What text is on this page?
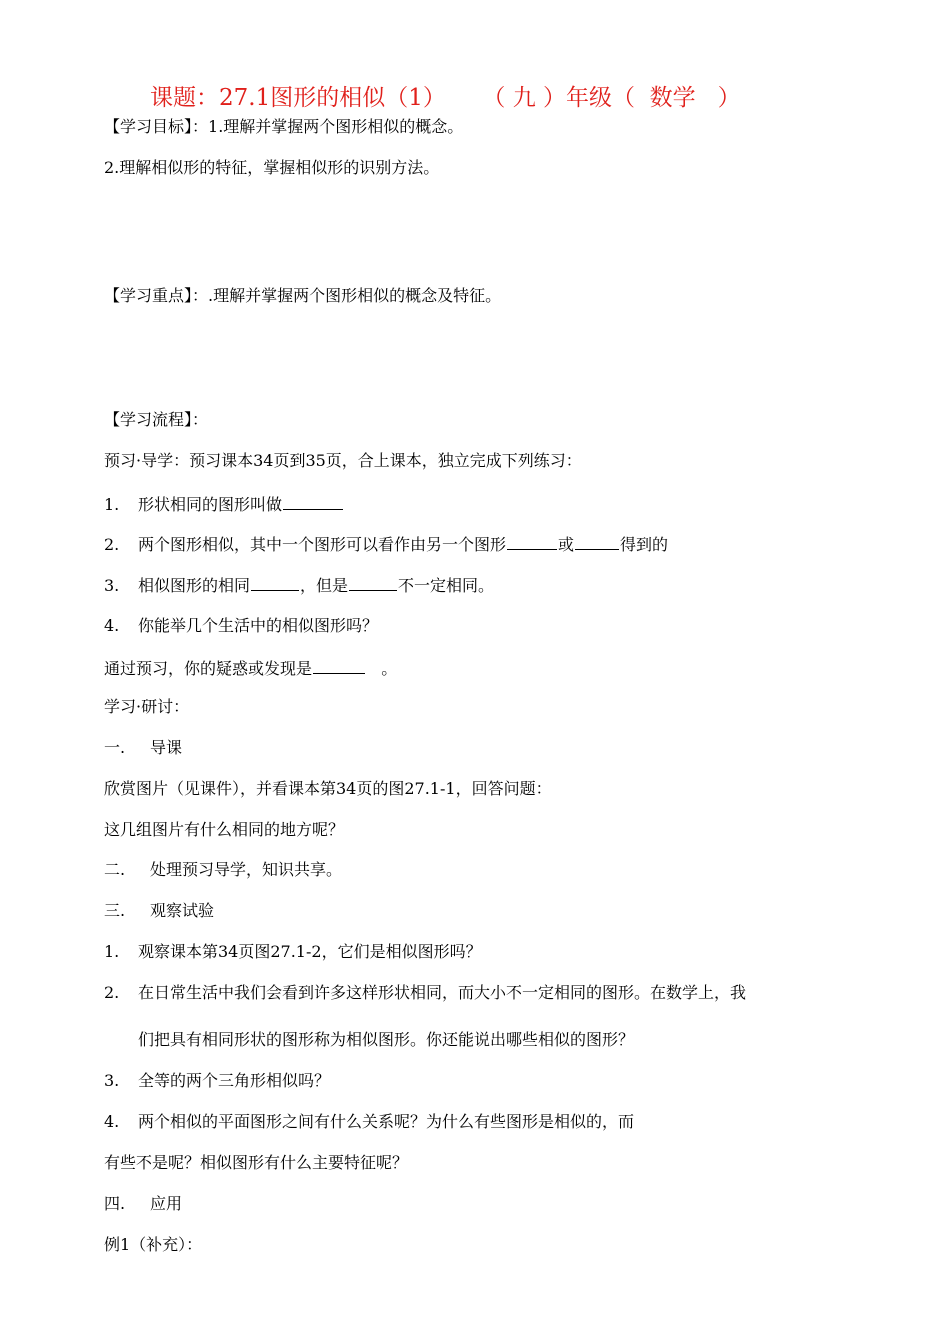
课题：27.1图形的相似（1）     （ 九 ）年级（  数学   ）
【学习目标】：1.理解并掌握两个图形相似的概念。
2.理解相似形的特征，掌握相似形的识别方法。
【学习重点】：.理解并掌握两个图形相似的概念及特征。
【学习流程】：
预习·导学：预习课本34页到35页，合上课本，独立完成下列练习：
1. 形状相同的图形叫做
2. 两个图形相似，其中一个图形可以看作由另一个图形	或	得到的
3. 相似图形的相同	，但是	不一定相同。
4. 你能举几个生活中的相似图形吗？
通过预习，你的疑惑或发现是	。
学习·研讨：
一. 导课
欣赏图片（见课件），并看课本第34页的图27.1-1，回答问题：
这几组图片有什么相同的地方呢？
二. 处理预习导学，知识共享。
三. 观察试验
1. 观察课本第34页图27.1-2，它们是相似图形吗？
2. 在日常生活中我们会看到许多这样形状相同，而大小不一定相同的图形。在数学上，我
们把具有相同形状的图形称为相似图形。你还能说出哪些相似的图形？
3. 全等的两个三角形相似吗？
4. 两个相似的平面图形之间有什么关系呢？为什么有些图形是相似的，而
有些不是呢？相似图形有什么主要特征呢？
四. 应用
例1（补充）：
